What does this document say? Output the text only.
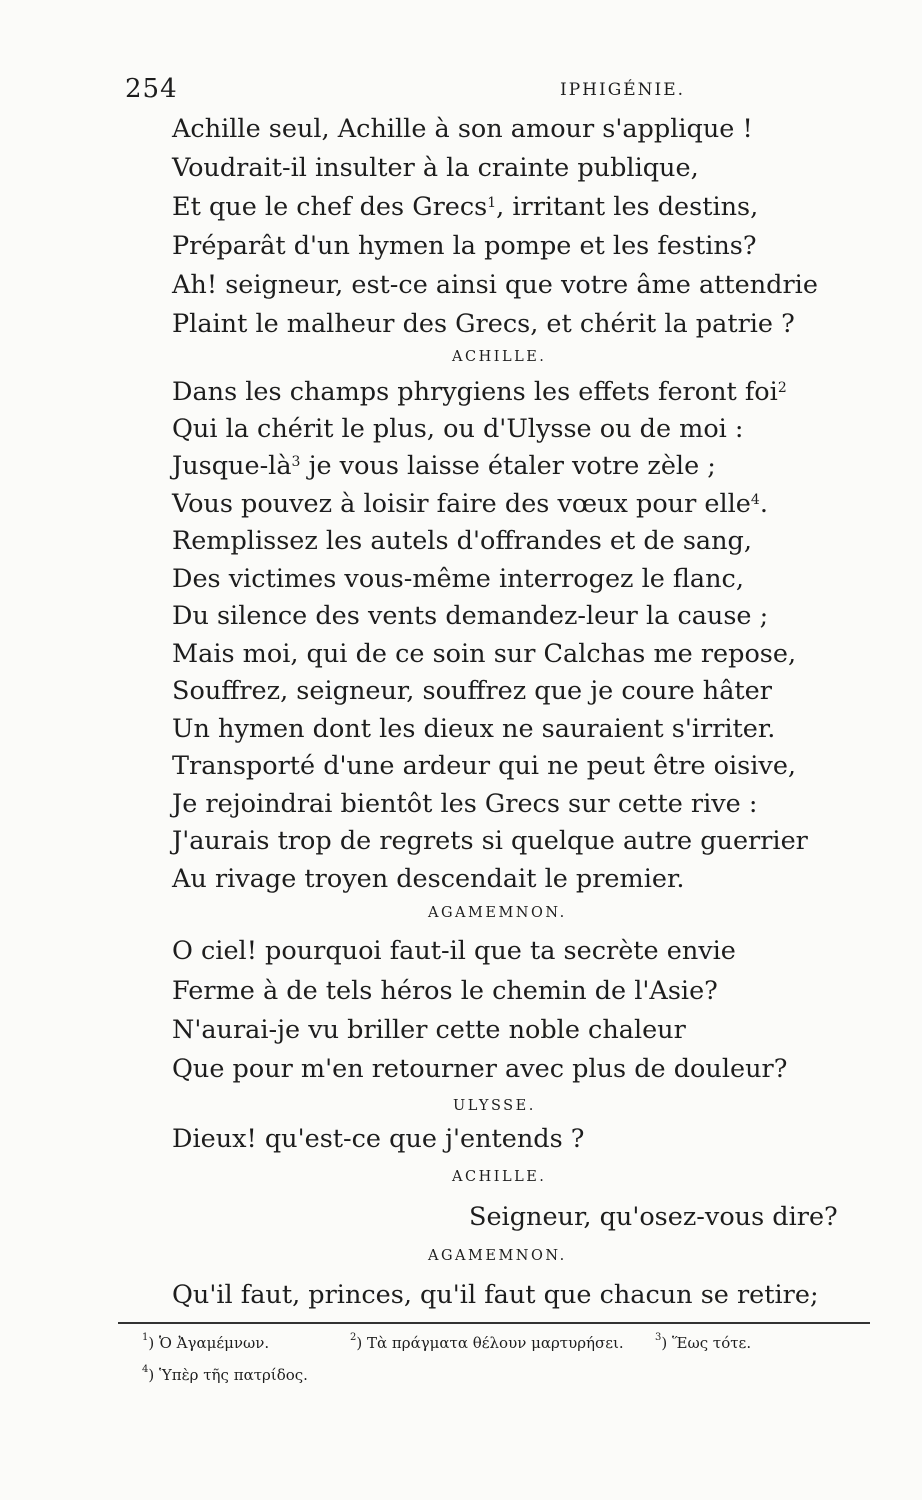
254	IPHIGÉNIE.
Achille seul, Achille à son amour s'applique !
Voudrait-il insulter à la crainte publique,
Et que le chef des Grecs$^1$, irritant les destins,
Préparât d'un hymen la pompe et les festins?
Ah! seigneur, est-ce ainsi que votre âme attendrie
Plaint le malheur des Grecs, et chérit la patrie ?
ACHILLE.
Dans les champs phrygiens les effets feront foi$^2$
Qui la chérit le plus, ou d'Ulysse ou de moi :
Jusque-$là^3$ je vous laisse étaler votre zèle ;
Vous pouvez à loisir faire des vœux pour elle$^4$.
Remplissez les autels d'offrandes et de sang,
Des victimes vous-même interrogez le flanc,
Du silence des vents demandez-leur la cause ;
Mais moi, qui de ce soin sur Calchas me repose,
Souffrez, seigneur, souffrez que je coure hâter
Un hymen dont les dieux ne sauraient s'irriter.
Transporté d'une ardeur qui ne peut être oisive,
Je rejoindrai bientôt les Grecs sur cette rive :
J'aurais trop de regrets si quelque autre guerrier
Au rivage troyen descendait le premier.
AGAMEMNON.
O ciel! pourquoi faut-il que ta secrète envie
Ferme à de tels héros le chemin de l'Asie?
N'aurai-je vu briller cette noble chaleur
Que pour m'en retourner avec plus de douleur?
ULYSSE.
Dieux! qu'est-ce que j'entends ?
ACHILLE.
Seigneur, qu'osez-vous dire?
AGAMEMNON.
Qu'il faut, princes, qu'il faut que chacun se retire;
$^1$) Ὁ Ἀγαμέμνων.	$^2$) Τὰ πράγματα θέλουν μαρτυρήσει.	$^3$) Ἕως τότε.
$^4$) Ὑπὲρ τῆς πατρίδος.
